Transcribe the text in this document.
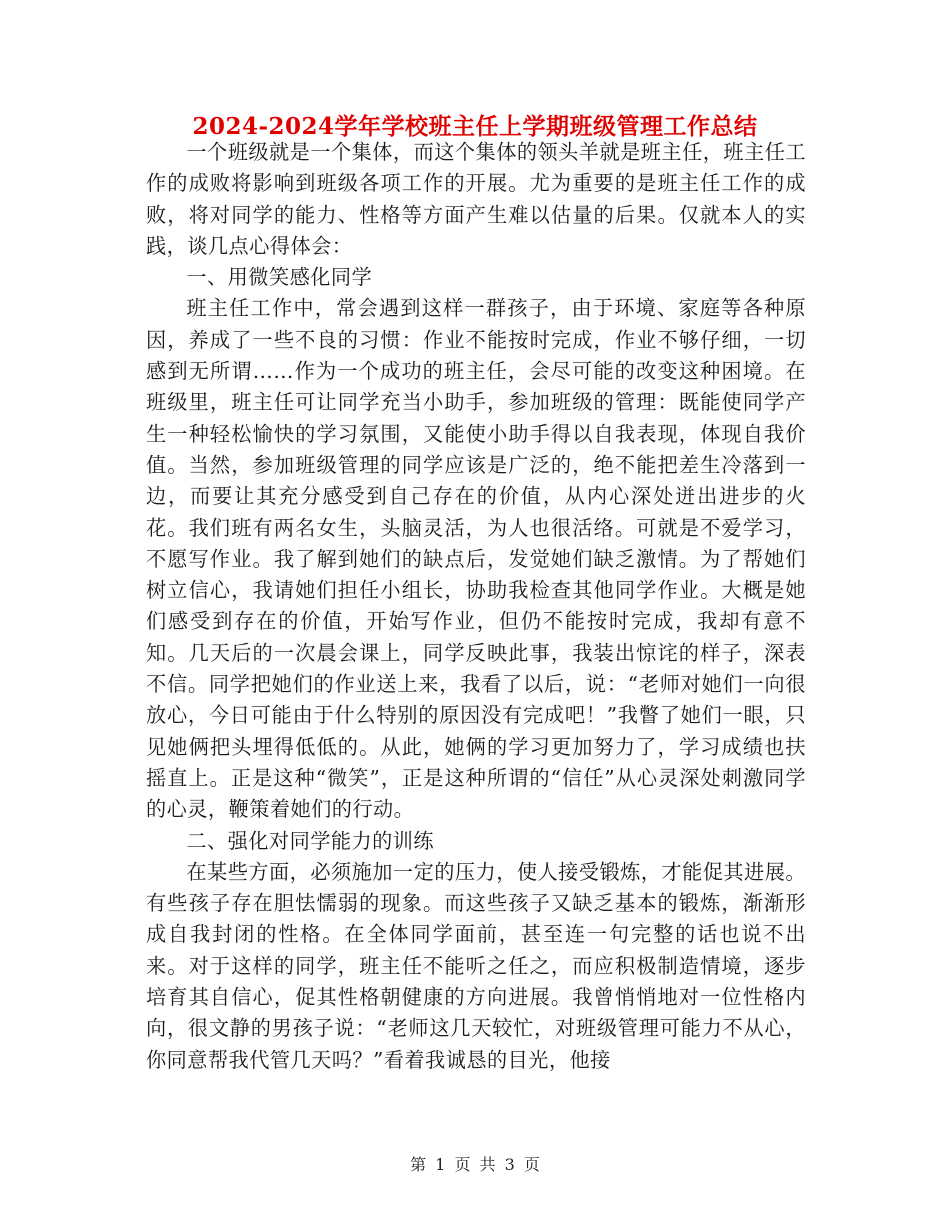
2024-2024学年学校班主任上学期班级管理工作总结

一个班级就是一个集体，而这个集体的领头羊就是班主任，班主任工作的成败将影响到班级各项工作的开展。尤为重要的是班主任工作的成败，将对同学的能力、性格等方面产生难以估量的后果。仅就本人的实践，谈几点心得体会：

一、用微笑感化同学

班主任工作中，常会遇到这样一群孩子，由于环境、家庭等各种原因，养成了一些不良的习惯：作业不能按时完成，作业不够仔细，一切感到无所谓……作为一个成功的班主任，会尽可能的改变这种困境。在班级里，班主任可让同学充当小助手，参加班级的管理：既能使同学产生一种轻松愉快的学习氛围，又能使小助手得以自我表现，体现自我价值。当然，参加班级管理的同学应该是广泛的，绝不能把差生冷落到一边，而要让其充分感受到自己存在的价值，从内心深处迸出进步的火花。我们班有两名女生，头脑灵活，为人也很活络。可就是不爱学习，不愿写作业。我了解到她们的缺点后，发觉她们缺乏激情。为了帮她们树立信心，我请她们担任小组长，协助我检查其他同学作业。大概是她们感受到存在的价值，开始写作业，但仍不能按时完成，我却有意不知。几天后的一次晨会课上，同学反映此事，我装出惊诧的样子，深表不信。同学把她们的作业送上来，我看了以后，说：“老师对她们一向很放心，今日可能由于什么特别的原因没有完成吧！”我瞥了她们一眼，只见她俩把头埋得低低的。从此，她俩的学习更加努力了，学习成绩也扶摇直上。正是这种“微笑”，正是这种所谓的“信任”从心灵深处刺激同学的心灵，鞭策着她们的行动。

二、强化对同学能力的训练

在某些方面，必须施加一定的压力，使人接受锻炼，才能促其进展。有些孩子存在胆怯懦弱的现象。而这些孩子又缺乏基本的锻炼，渐渐形成自我封闭的性格。在全体同学面前，甚至连一句完整的话也说不出来。对于这样的同学，班主任不能听之任之，而应积极制造情境，逐步培育其自信心，促其性格朝健康的方向进展。我曾悄悄地对一位性格内向，很文静的男孩子说：“老师这几天较忙，对班级管理可能力不从心，你同意帮我代管几天吗？”看着我诚恳的目光，他接

第 1 页 共 3 页
